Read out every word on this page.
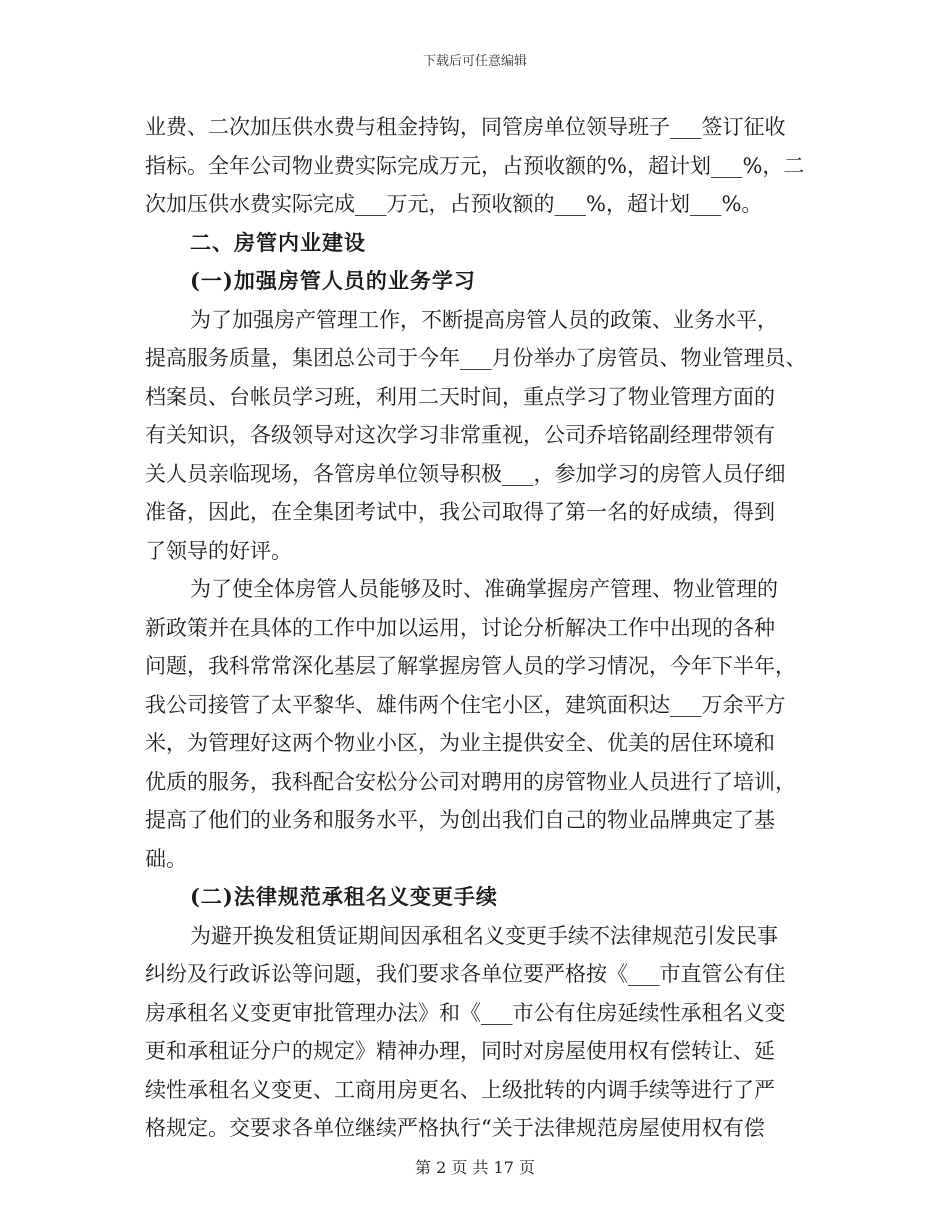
下载后可任意编辑
业费、二次加压供水费与租金持钩，同管房单位领导班子___签订征收
指标。全年公司物业费实际完成万元，占预收额的%，超计划___%，二
次加压供水费实际完成___万元，占预收额的___%，超计划___%。
二、房管内业建设
(一)加强房管人员的业务学习
为了加强房产管理工作，不断提高房管人员的政策、业务水平，
提高服务质量，集团总公司于今年___月份举办了房管员、物业管理员、
档案员、台帐员学习班，利用二天时间，重点学习了物业管理方面的
有关知识，各级领导对这次学习非常重视，公司乔培铭副经理带领有
关人员亲临现场，各管房单位领导积极___，参加学习的房管人员仔细
准备，因此，在全集团考试中，我公司取得了第一名的好成绩，得到
了领导的好评。
为了使全体房管人员能够及时、准确掌握房产管理、物业管理的
新政策并在具体的工作中加以运用，讨论分析解决工作中出现的各种
问题，我科常常深化基层了解掌握房管人员的学习情况，今年下半年，
我公司接管了太平黎华、雄伟两个住宅小区，建筑面积达___万余平方
米，为管理好这两个物业小区，为业主提供安全、优美的居住环境和
优质的服务，我科配合安松分公司对聘用的房管物业人员进行了培训，
提高了他们的业务和服务水平，为创出我们自己的物业品牌典定了基
础。
(二)法律规范承租名义变更手续
为避开换发租赁证期间因承租名义变更手续不法律规范引发民事
纠纷及行政诉讼等问题，我们要求各单位要严格按《___市直管公有住
房承租名义变更审批管理办法》和《___市公有住房延续性承租名义变
更和承租证分户的规定》精神办理，同时对房屋使用权有偿转让、延
续性承租名义变更、工商用房更名、上级批转的内调手续等进行了严
格规定。交要求各单位继续严格执行“关于法律规范房屋使用权有偿
第 2 页 共 17 页
